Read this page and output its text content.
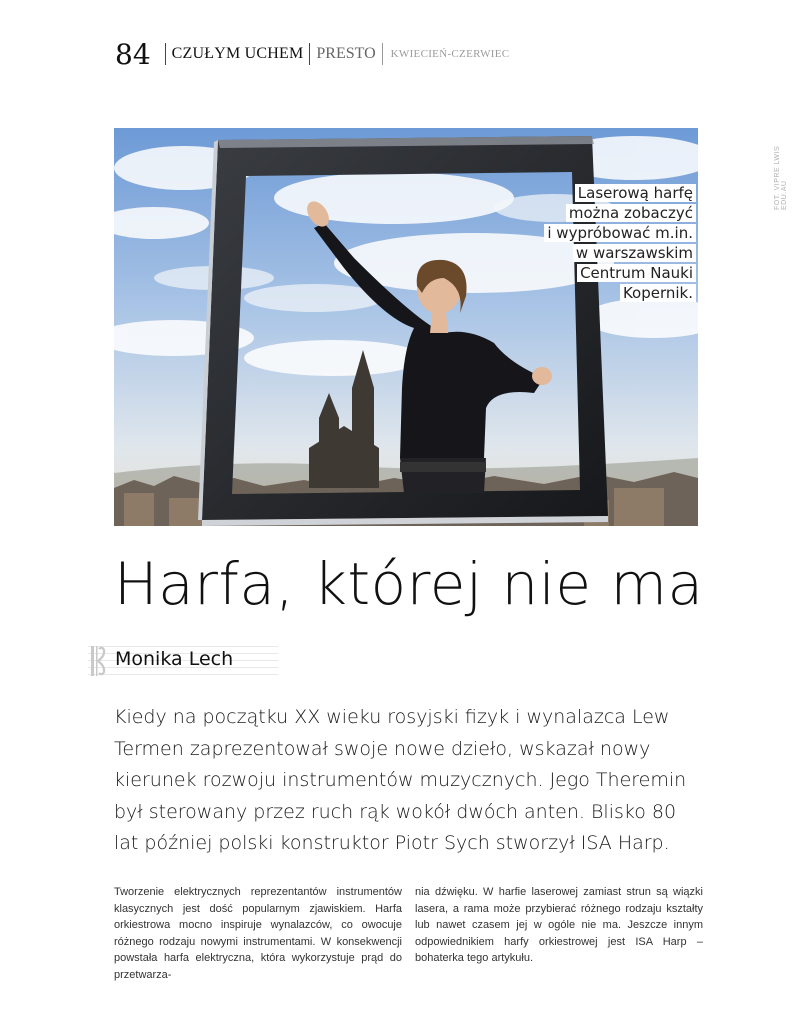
84 CZUŁYM UCHEM PRESTO KWIECIEŃ-CZERWIEC
FOT. VIPRE LWIS EDU.AU
Laserową harfę
można zobaczyć
i wypróbować m.in.
w warszawskim
Centrum Nauki
Kopernik.
Harfa, której nie ma
Monika Lech

Kiedy na początku XX wieku rosyjski fizyk i wynalazca Lew Termen zaprezentował swoje nowe dzieło, wskazał nowy kierunek rozwoju instrumentów muzycznych. Jego Theremin był sterowany przez ruch rąk wokół dwóch anten. Blisko 80 lat później polski konstruktor Piotr Sych stworzył ISA Harp.

Tworzenie elektrycznych reprezentantów instrumentów klasycznych jest dość popularnym zjawiskiem. Harfa orkiestrowa mocno inspiruje wynalazców, co owocuje różnego rodzaju nowymi instrumentami. W konsekwencji powstała harfa elektryczna, która wykorzystuje prąd do przetwarza-

nia dźwięku. W harfie laserowej zamiast strun są wiązki lasera, a rama może przybierać różnego rodzaju kształty lub nawet czasem jej w ogóle nie ma. Jeszcze innym odpowiednikiem harfy orkiestrowej jest ISA Harp – bohaterka tego artykułu.
